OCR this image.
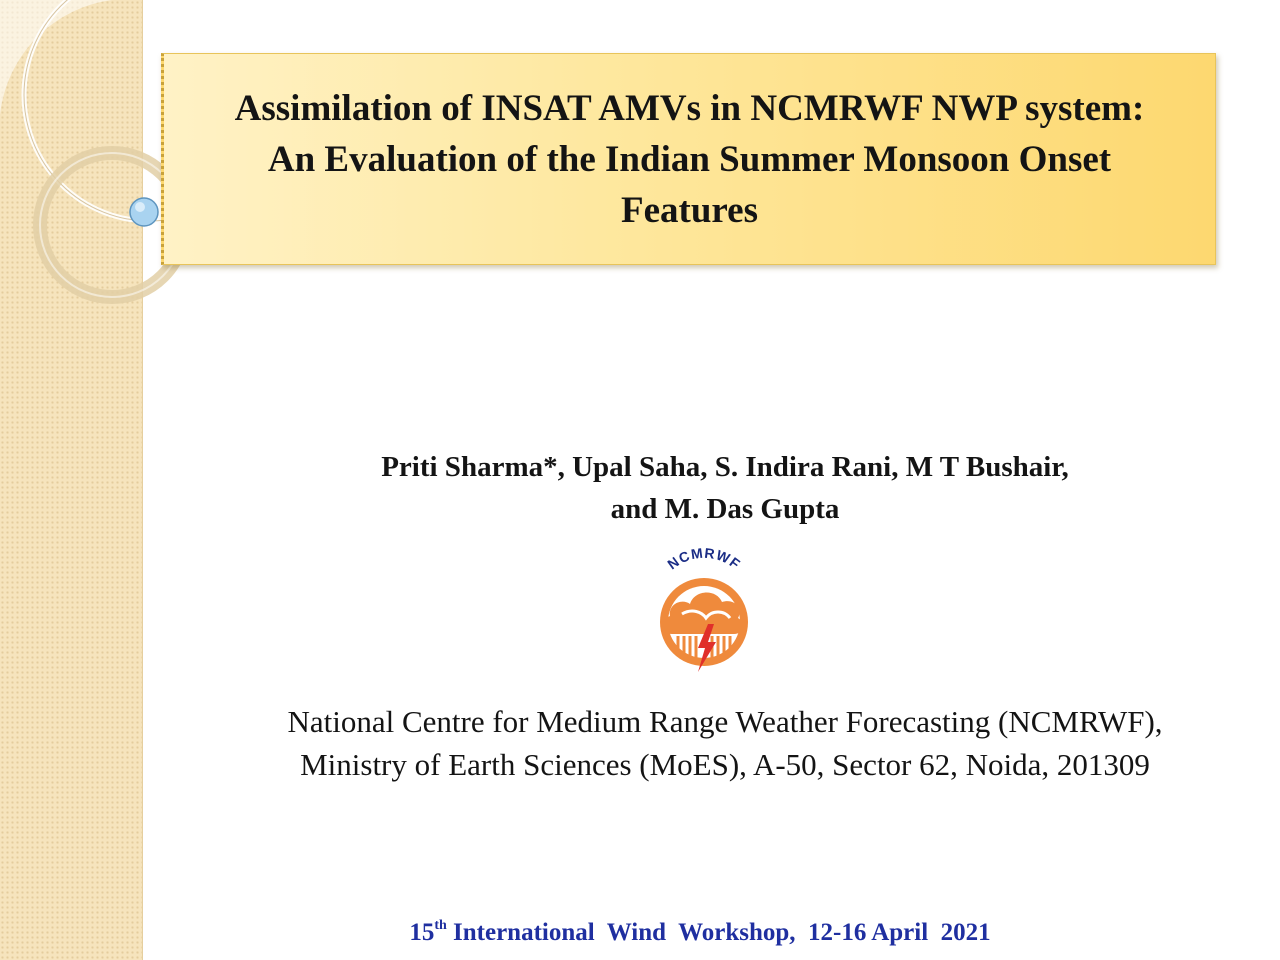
Assimilation of INSAT AMVs in NCMRWF NWP system:
An Evaluation of the Indian Summer Monsoon Onset
Features
Priti Sharma*, Upal Saha, S. Indira Rani, M T Bushair,
and M. Das Gupta
NCMRWF
National Centre for Medium Range Weather Forecasting (NCMRWF),
Ministry of Earth Sciences (MoES), A-50, Sector 62, Noida, 201309
15th International  Wind  Workshop,  12-16 April  2021
